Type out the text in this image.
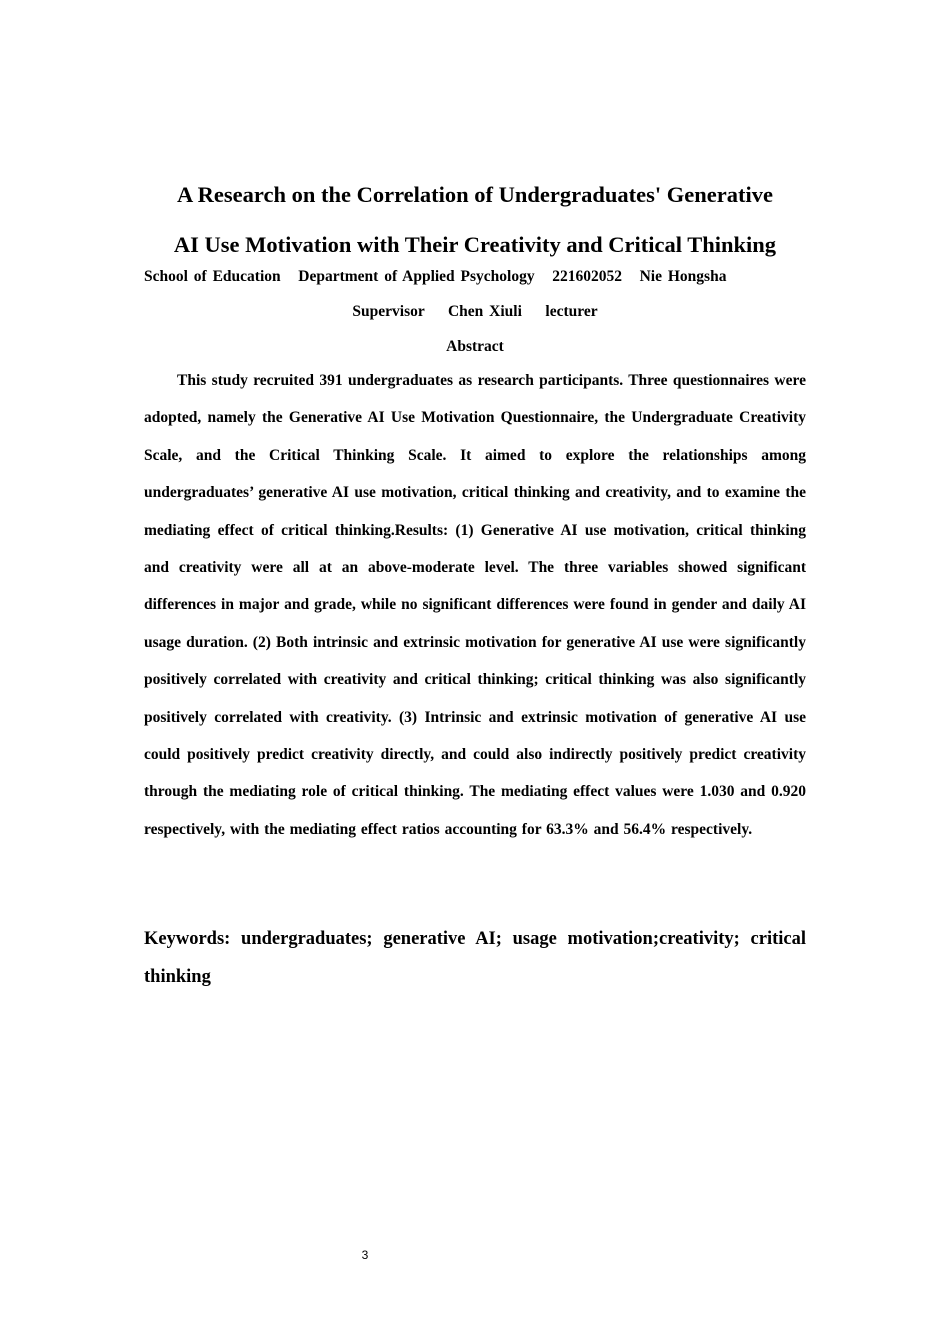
A Research on the Correlation of Undergraduates' Generative
AI Use Motivation with Their Creativity and Critical Thinking
School of Education Department of Applied Psychology 221602052 Nie Hongsha
Supervisor Chen Xiuli lecturer
Abstract

This study recruited 391 undergraduates as research participants. Three questionnaires were adopted, namely the Generative AI Use Motivation Questionnaire, the Undergraduate Creativity Scale, and the Critical Thinking Scale. It aimed to explore the relationships among undergraduates’ generative AI use motivation, critical thinking and creativity, and to examine the mediating effect of critical thinking.Results: (1) Generative AI use motivation, critical thinking and creativity were all at an above-moderate level. The three variables showed significant differences in major and grade, while no significant differences were found in gender and daily AI usage duration. (2) Both intrinsic and extrinsic motivation for generative AI use were significantly positively correlated with creativity and critical thinking; critical thinking was also significantly positively correlated with creativity. (3) Intrinsic and extrinsic motivation of generative AI use could positively predict creativity directly, and could also indirectly positively predict creativity through the mediating role of critical thinking. The mediating effect values were 1.030 and 0.920 respectively, with the mediating effect ratios accounting for 63.3% and 56.4% respectively.

Keywords: undergraduates; generative AI; usage motivation;creativity; critical thinking

3
